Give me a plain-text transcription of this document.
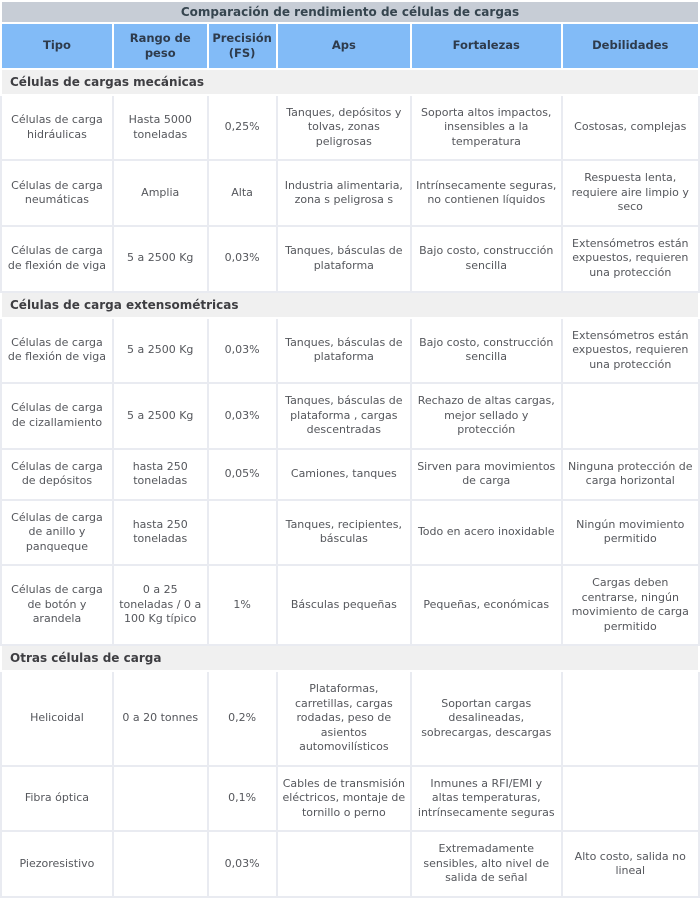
Comparación de rendimiento de células de cargas					
Tipo	Rango de peso	Precisión (FS)	Aps	Fortalezas	Debilidades
Células de cargas mecánicas					
Células de carga hidráulicas	Hasta 5000 toneladas	0,25%	Tanques, depósitos y tolvas, zonas peligrosas	Soporta altos impactos, insensibles a la temperatura	Costosas, complejas
Células de carga neumáticas	Amplia	Alta	Industria alimentaria, zona s peligrosa s	Intrínsecamente seguras, no contienen líquidos	Respuesta lenta, requiere aire limpio y seco
Células de carga de flexión de viga	5 a 2500 Kg	0,03%	Tanques, básculas de plataforma	Bajo costo, construcción sencilla	Extensómetros están expuestos, requieren una protección
Células de carga extensométricas					
Células de carga de flexión de viga	5 a 2500 Kg	0,03%	Tanques, básculas de plataforma	Bajo costo, construcción sencilla	Extensómetros están expuestos, requieren una protección
Células de carga de cizallamiento	5 a 2500 Kg	0,03%	Tanques, básculas de plataforma , cargas descentradas	Rechazo de altas cargas, mejor sellado y protección	
Células de carga de depósitos	hasta 250 toneladas	0,05%	Camiones, tanques	Sirven para movimientos de carga	Ninguna protección de carga horizontal
Células de carga de anillo y panqueque	hasta 250 toneladas		Tanques, recipientes, básculas	Todo en acero inoxidable	Ningún movimiento permitido
Células de carga de botón y arandela	0 a 25 toneladas / 0 a 100 Kg típico	1%	Básculas pequeñas	Pequeñas, económicas	Cargas deben centrarse, ningún movimiento de carga permitido
Otras células de carga					
Helicoidal	0 a 20 tonnes	0,2%	Plataformas, carretillas, cargas rodadas, peso de asientos automovilísticos	Soportan cargas desalineadas, sobrecargas, descargas	
Fibra óptica		0,1%	Cables de transmisión eléctricos, montaje de tornillo o perno	Inmunes a RFI/EMI y altas temperaturas, intrínsecamente seguras	
Piezoresistivo		0,03%		Extremadamente sensibles, alto nivel de salida de señal	Alto costo, salida no lineal
